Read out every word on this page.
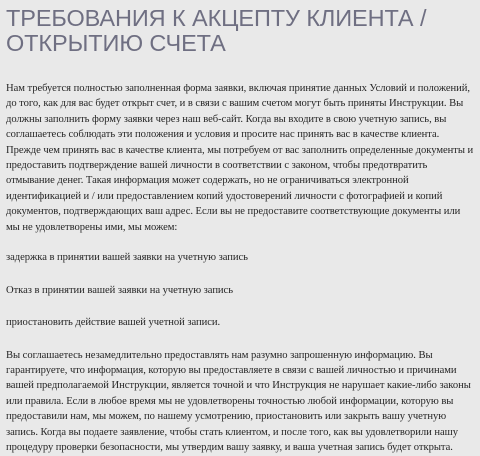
ТРЕБОВАНИЯ К АКЦЕПТУ КЛИЕНТА / ОТКРЫТИЮ СЧЕТА

Нам требуется полностью заполненная форма заявки, включая принятие данных Условий и положений, до того, как для вас будет открыт счет, и в связи с вашим счетом могут быть приняты Инструкции. Вы должны заполнить форму заявки через наш веб-сайт. Когда вы входите в свою учетную запись, вы соглашаетесь соблюдать эти положения и условия и просите нас принять вас в качестве клиента. Прежде чем принять вас в качестве клиента, мы потребуем от вас заполнить определенные документы и предоставить подтверждение вашей личности в соответствии с законом, чтобы предотвратить отмывание денег. Такая информация может содержать, но не ограничиваться электронной идентификацией и / или предоставлением копий удостоверений личности с фотографией и копий документов, подтверждающих ваш адрес. Если вы не предоставите соответствующие документы или мы не удовлетворены ими, мы можем:

задержка в принятии вашей заявки на учетную запись

Отказ в принятии вашей заявки на учетную запись

приостановить действие вашей учетной записи.

Вы соглашаетесь незамедлительно предоставлять нам разумно запрошенную информацию. Вы гарантируете, что информация, которую вы предоставляете в связи с вашей личностью и причинами вашей предполагаемой Инструкции, является точной и что Инструкция не нарушает какие-либо законы или правила. Если в любое время мы не удовлетворены точностью любой информации, которую вы предоставили нам, мы можем, по нашему усмотрению, приостановить или закрыть вашу учетную запись. Когда вы подаете заявление, чтобы стать клиентом, и после того, как вы удовлетворили нашу процедуру проверки безопасности, мы утвердим вашу заявку, и ваша учетная запись будет открыта.
